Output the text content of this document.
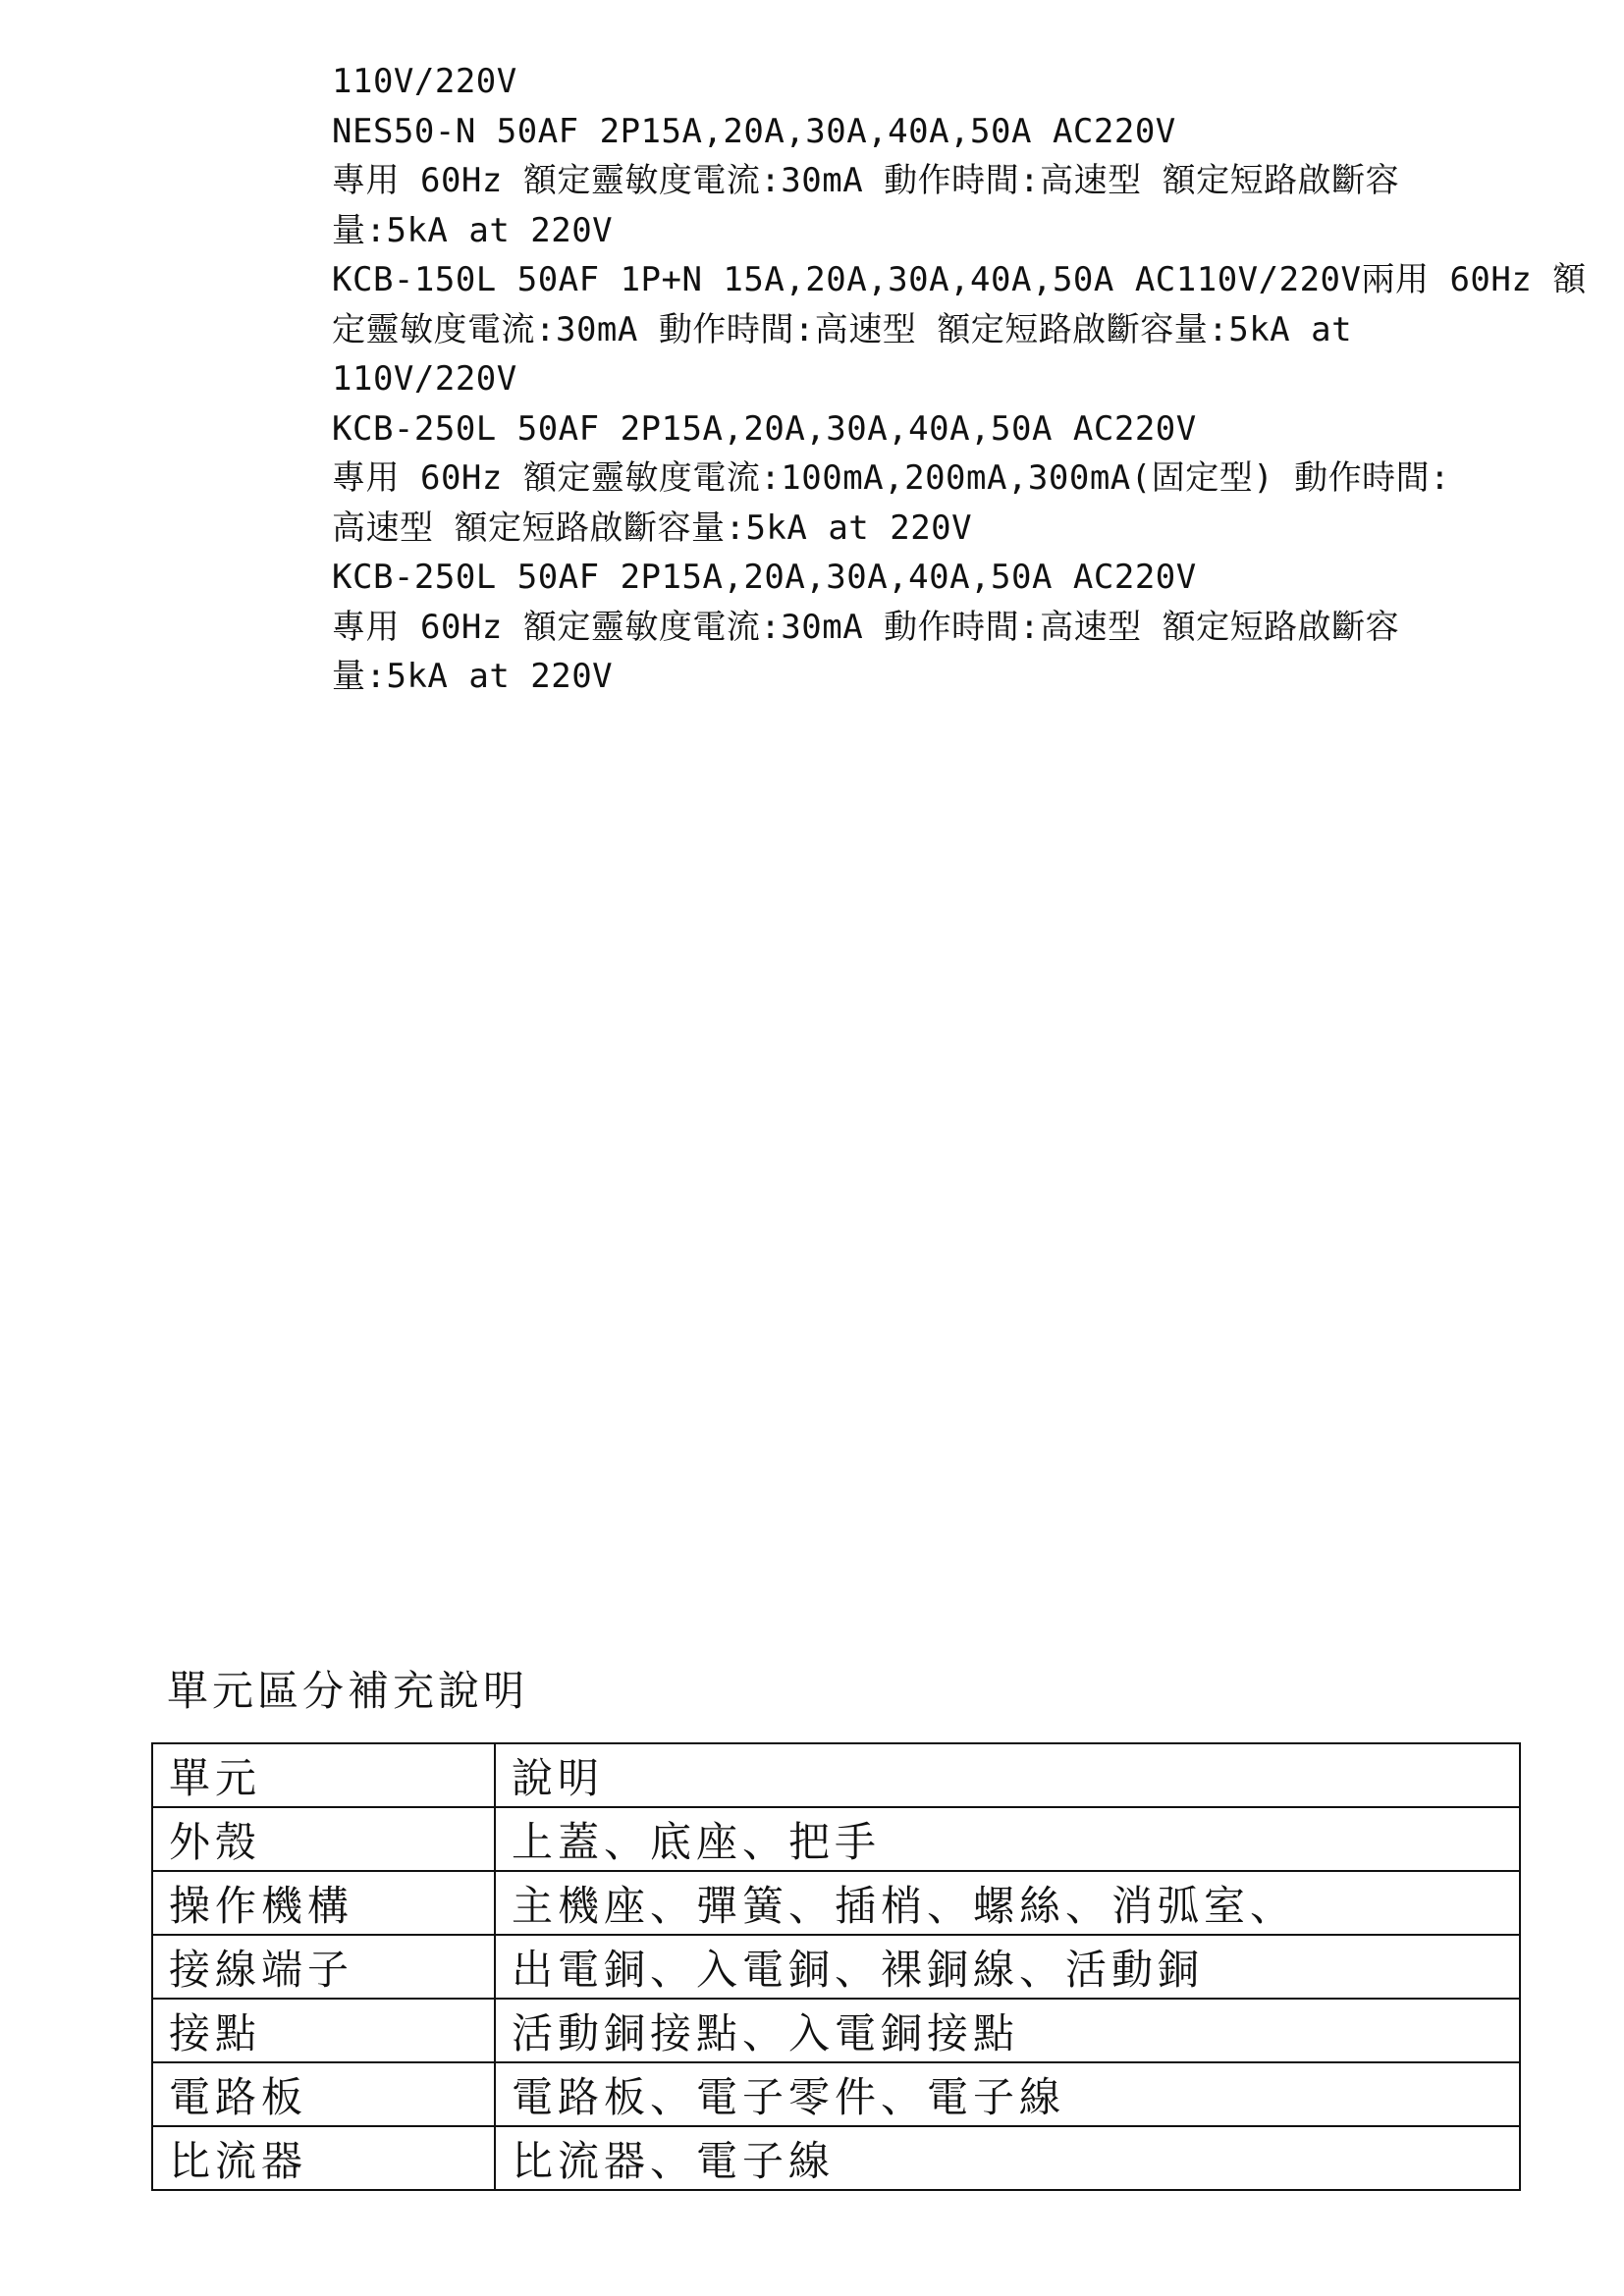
110V/220V
NES50-N 50AF 2P15A,20A,30A,40A,50A AC220V
專用 60Hz 額定靈敏度電流:30mA 動作時間:高速型 額定短路啟斷容
量:5kA at 220V
KCB-150L 50AF 1P+N 15A,20A,30A,40A,50A AC110V/220V兩用 60Hz 額
定靈敏度電流:30mA 動作時間:高速型 額定短路啟斷容量:5kA at
110V/220V
KCB-250L 50AF 2P15A,20A,30A,40A,50A AC220V
專用 60Hz 額定靈敏度電流:100mA,200mA,300mA(固定型) 動作時間:
高速型 額定短路啟斷容量:5kA at 220V
KCB-250L 50AF 2P15A,20A,30A,40A,50A AC220V
專用 60Hz 額定靈敏度電流:30mA 動作時間:高速型 額定短路啟斷容
量:5kA at 220V
單元區分補充說明
單元	說明
外殼	上蓋、底座、把手
操作機構	主機座、彈簧、插梢、螺絲、消弧室、
接線端子	出電銅、入電銅、裸銅線、活動銅
接點	活動銅接點、入電銅接點
電路板	電路板、電子零件、電子線
比流器	比流器、電子線
